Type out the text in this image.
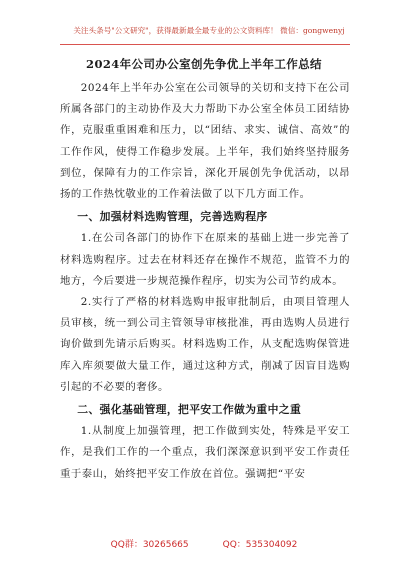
关注头条号"公文研究"，获得最新最全最专业的公文资料库！ 微信：gongwenyj
2024年公司办公室创先争优上半年工作总结

2024年上半年办公室在公司领导的关切和支持下在公司所属各部门的主动协作及大力帮助下办公室全体员工团结协作，克服重重困难和压力，以“团结、求实、诚信、高效”的工作作风，使得工作稳步发展。上半年，我们始终坚持服务到位，保障有力的工作宗旨，深化开展创先争优活动，以昂扬的工作热忱敬业的工作着法做了以下几方面工作。

一、加强材料选购管理，完善选购程序

1.在公司各部门的协作下在原来的基础上进一步完善了材料选购程序。过去在材料还存在操作不规范，监管不力的地方，今后要进一步规范操作程序，切实为公司节约成本。

2.实行了严格的材料选购申报审批制后，由项目管理人员审核，统一到公司主管领导审核批准，再由选购人员进行询价做到先请示后购买。材料选购工作，从支配选购保管进库入库须要做大量工作，通过这种方式，削减了因盲目选购引起的不必要的奢侈。

二、强化基础管理，把平安工作做为重中之重

1.从制度上加强管理，把工作做到实处，特殊是平安工作，是我们工作的一个重点，我们深深意识到平安工作责任重于泰山，始终把平安工作放在首位。强调把“平安

QQ群：30265665	QQ：535304092
